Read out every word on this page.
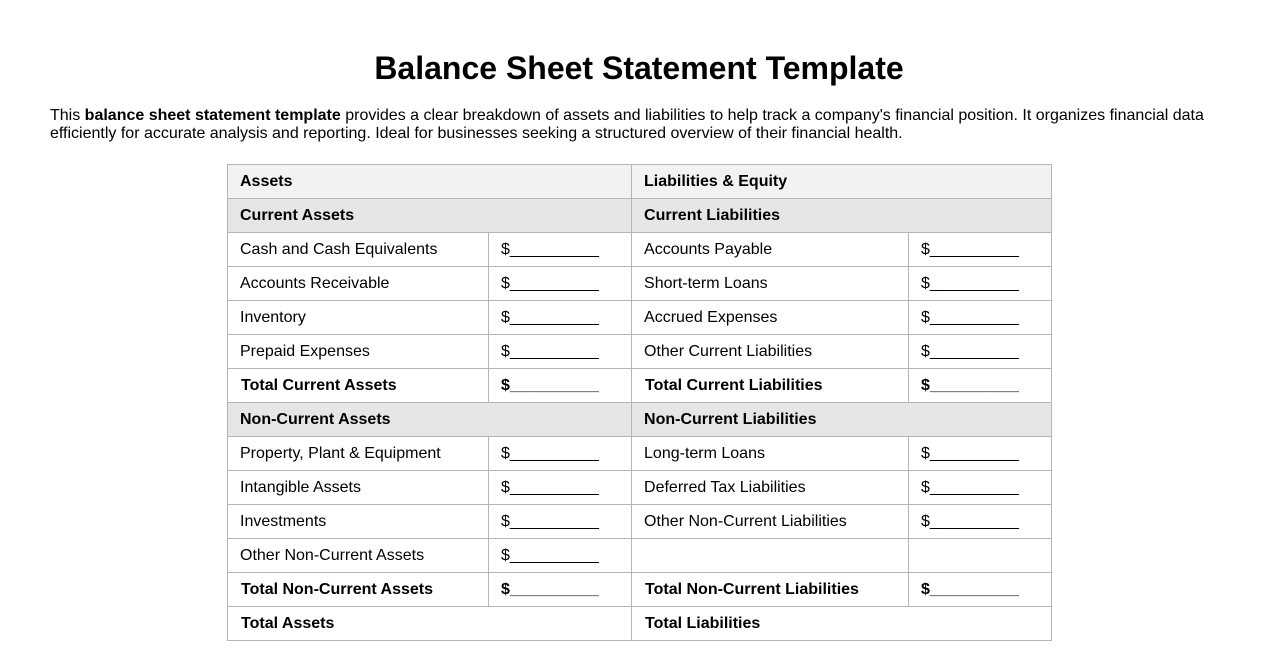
Balance Sheet Statement Template

This balance sheet statement template provides a clear breakdown of assets and liabilities to help track a company's financial position. It organizes financial data efficiently for accurate analysis and reporting. Ideal for businesses seeking a structured overview of their financial health.

Assets		Liabilities & Equity	
Current Assets		Current Liabilities	
Cash and Cash Equivalents	$__________	Accounts Payable	$__________
Accounts Receivable	$__________	Short-term Loans	$__________
Inventory	$__________	Accrued Expenses	$__________
Prepaid Expenses	$__________	Other Current Liabilities	$__________
Total Current Assets	$__________	Total Current Liabilities	$__________
Non-Current Assets		Non-Current Liabilities	
Property, Plant & Equipment	$__________	Long-term Loans	$__________
Intangible Assets	$__________	Deferred Tax Liabilities	$__________
Investments	$__________	Other Non-Current Liabilities	$__________
Other Non-Current Assets	$__________		
Total Non-Current Assets	$__________	Total Non-Current Liabilities	$__________
Total Assets		Total Liabilities	
